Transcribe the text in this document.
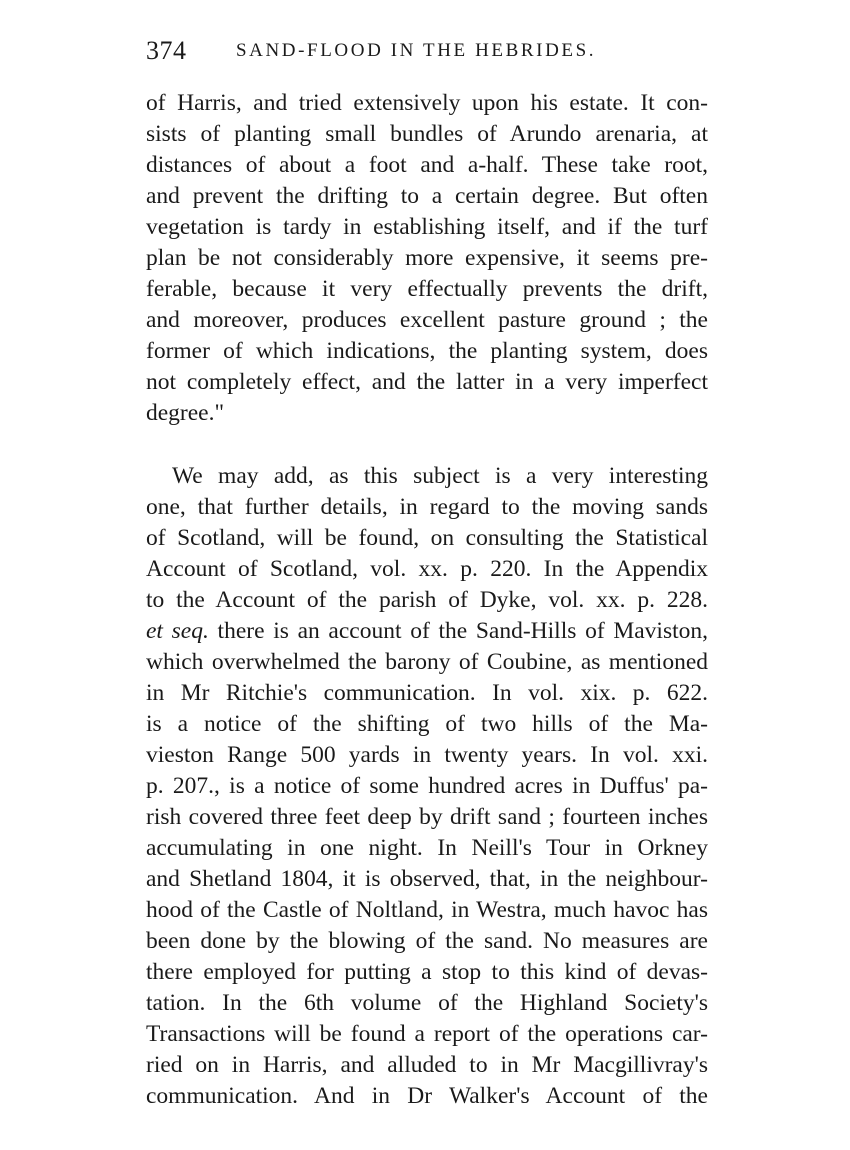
374	SAND-FLOOD IN THE HEBRIDES.
of Harris, and tried extensively upon his estate. It con-
sists of planting small bundles of Arundo arenaria, at
distances of about a foot and a-half. These take root,
and prevent the drifting to a certain degree. But often
vegetation is tardy in establishing itself, and if the turf
plan be not considerably more expensive, it seems pre-
ferable, because it very effectually prevents the drift,
and moreover, produces excellent pasture ground ; the
former of which indications, the planting system, does
not completely effect, and the latter in a very imperfect
degree."
We may add, as this subject is a very interesting
one, that further details, in regard to the moving sands
of Scotland, will be found, on consulting the Statistical
Account of Scotland, vol. xx. p. 220. In the Appendix
to the Account of the parish of Dyke, vol. xx. p. 228.
et seq. there is an account of the Sand-Hills of Maviston,
which overwhelmed the barony of Coubine, as mentioned
in Mr Ritchie's communication. In vol. xix. p. 622.
is a notice of the shifting of two hills of the Ma-
vieston Range 500 yards in twenty years. In vol. xxi.
p. 207., is a notice of some hundred acres in Duffus' pa-
rish covered three feet deep by drift sand ; fourteen inches
accumulating in one night. In Neill's Tour in Orkney
and Shetland 1804, it is observed, that, in the neighbour-
hood of the Castle of Noltland, in Westra, much havoc has
been done by the blowing of the sand. No measures are
there employed for putting a stop to this kind of devas-
tation. In the 6th volume of the Highland Society's
Transactions will be found a report of the operations car-
ried on in Harris, and alluded to in Mr Macgillivray's
communication. And in Dr Walker's Account of the
